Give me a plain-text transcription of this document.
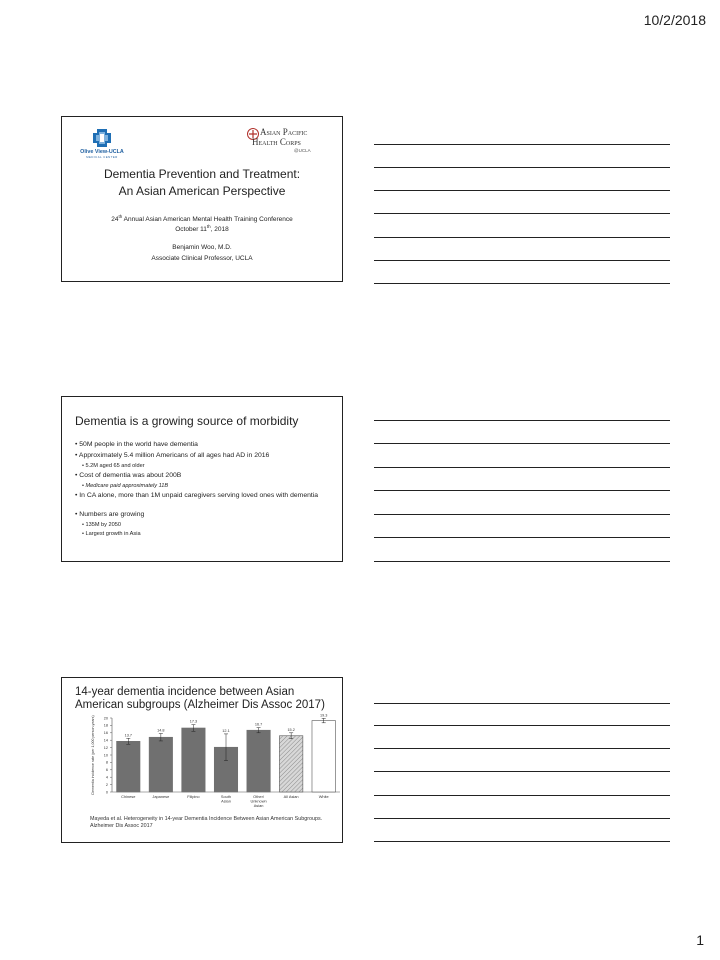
10/2/2018
Olive View-UCLA
MEDICAL CENTER
Asian Pacific
Health Corps
@UCLA
Dementia Prevention and Treatment:
An Asian American Perspective
24th Annual Asian American Mental Health Training Conference
October 11th, 2018
Benjamin Woo, M.D.
Associate Clinical Professor, UCLA
Dementia is a growing source of morbidity
• 50M people in the world have dementia
• Approximately 5.4 million Americans of all ages had AD in 2016
• 5.2M aged 65 and older
• Cost of dementia was about 200B
• Medicare paid approximately 11B
• In CA alone, more than 1M unpaid caregivers serving loved ones with dementia
• Numbers are growing
• 135M by 2050
• Largest growth in Asia
14-year dementia incidence between Asian
American subgroups (Alzheimer Dis Assoc 2017)
Dementia incidence rate (per 1,000 person-years)	0
2
4
6
8
10
12
14
16
18
20
13.7
Chinese
14.8
Japanese
17.3
Filipino
12.1
South
Asian
16.7
Other/
Unknown
Asian
15.2
All Asian
19.3
White
Mayeda et al. Heterogeneity in 14-year Dementia Incidence Between Asian American Subgroups.
Alzheimer Dis Assoc 2017
1
